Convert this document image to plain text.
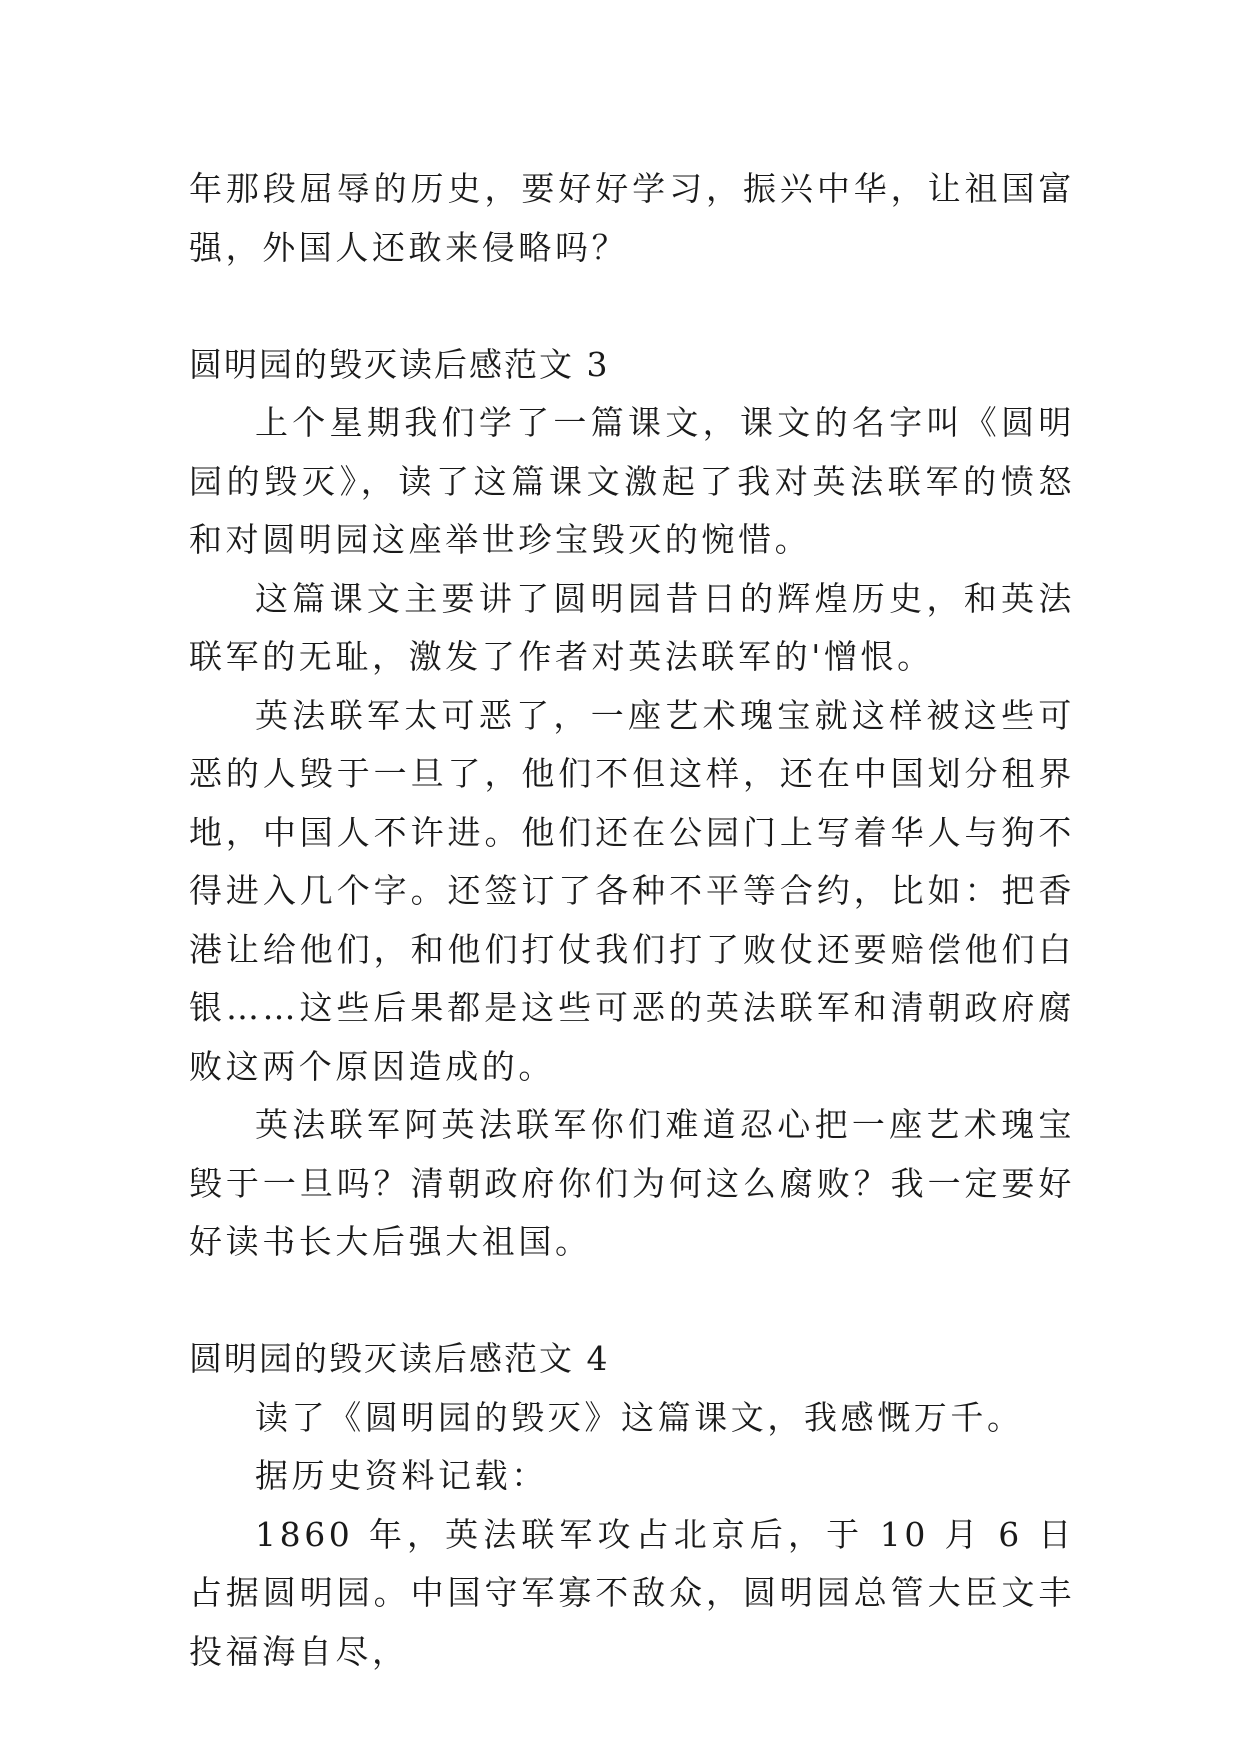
年那段屈辱的历史，要好好学习，振兴中华，让祖国富强，外国人还敢来侵略吗？

圆明园的毁灭读后感范文 3

上个星期我们学了一篇课文，课文的名字叫《圆明园的毁灭》，读了这篇课文激起了我对英法联军的愤怒和对圆明园这座举世珍宝毁灭的惋惜。

这篇课文主要讲了圆明园昔日的辉煌历史，和英法联军的无耻，激发了作者对英法联军的'憎恨。

英法联军太可恶了，一座艺术瑰宝就这样被这些可恶的人毁于一旦了，他们不但这样，还在中国划分租界地，中国人不许进。他们还在公园门上写着华人与狗不得进入几个字。还签订了各种不平等合约，比如：把香港让给他们，和他们打仗我们打了败仗还要赔偿他们白银……这些后果都是这些可恶的英法联军和清朝政府腐败这两个原因造成的。

英法联军阿英法联军你们难道忍心把一座艺术瑰宝毁于一旦吗？清朝政府你们为何这么腐败？我一定要好好读书长大后强大祖国。

圆明园的毁灭读后感范文 4

读了《圆明园的毁灭》这篇课文，我感慨万千。

据历史资料记载：

1860 年，英法联军攻占北京后，于 10 月 6 日占据圆明园。中国守军寡不敌众，圆明园总管大臣文丰投福海自尽，
